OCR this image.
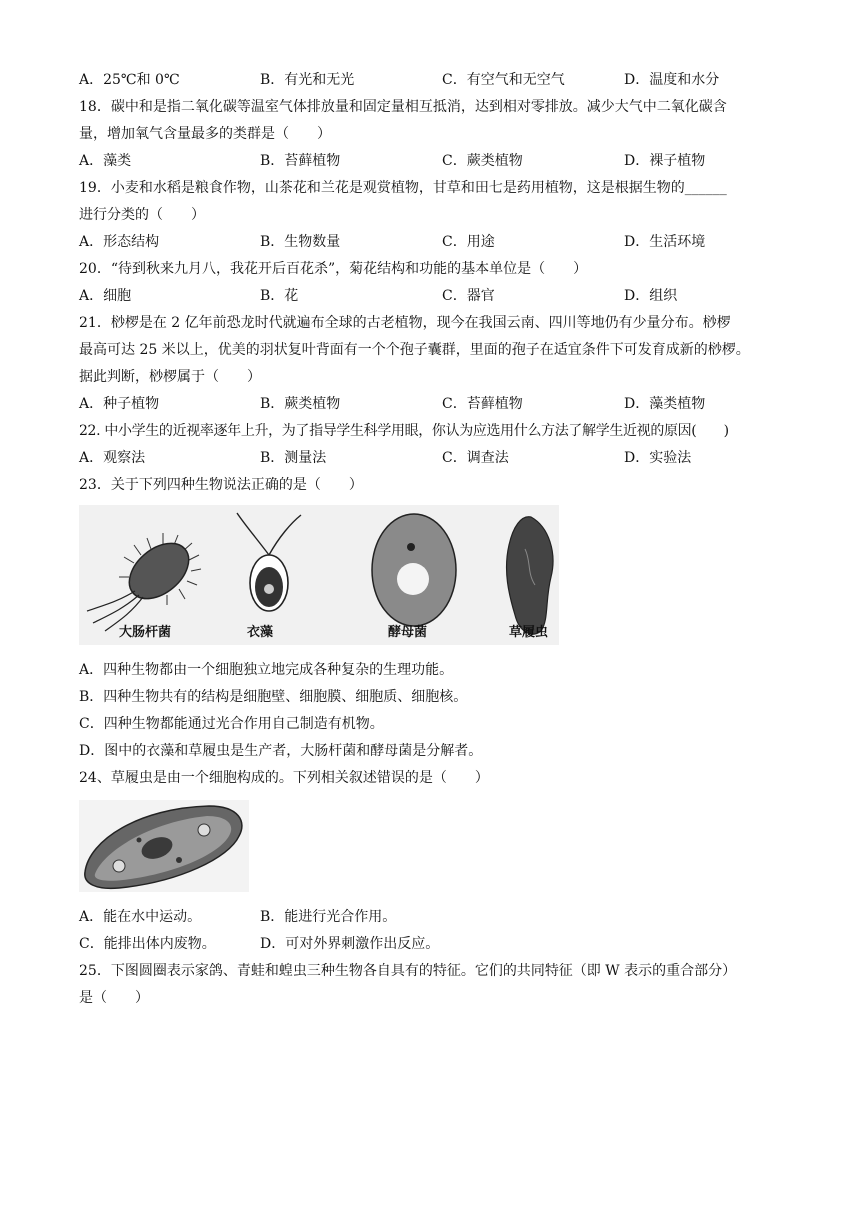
A．25℃和 0℃	B．有光和无光	C．有空气和无空气	D．温度和水分
18．碳中和是指二氧化碳等温室气体排放量和固定量相互抵消，达到相对零排放。减少大气中二氧化碳含
量，增加氧气含量最多的类群是（　　）
A．藻类	B．苔藓植物	C．蕨类植物	D．裸子植物
19．小麦和水稻是粮食作物，山茶花和兰花是观赏植物，甘草和田七是药用植物，这是根据生物的______
进行分类的（　　）
A．形态结构	B．生物数量	C．用途	D．生活环境
20．“待到秋来九月八，我花开后百花杀”，菊花结构和功能的基本单位是（　　）
A．细胞	B．花	C．器官	D．组织
21．桫椤是在 2 亿年前恐龙时代就遍布全球的古老植物，现今在我国云南、四川等地仍有少量分布。桫椤
最高可达 25 米以上，优美的羽状复叶背面有一个个孢子囊群，里面的孢子在适宜条件下可发育成新的桫椤。
据此判断，桫椤属于（　　）
A．种子植物	B．蕨类植物	C．苔藓植物	D．藻类植物
22. 中小学生的近视率逐年上升，为了指导学生科学用眼，你认为应选用什么方法了解学生近视的原因(　　)
A．观察法	B．测量法	C．调查法	D．实验法
23．关于下列四种生物说法正确的是（　　）
大肠杆菌	衣藻	酵母菌	草履虫
A．四种生物都由一个细胞独立地完成各种复杂的生理功能。
B．四种生物共有的结构是细胞壁、细胞膜、细胞质、细胞核。
C．四种生物都能通过光合作用自己制造有机物。
D．图中的衣藻和草履虫是生产者，大肠杆菌和酵母菌是分解者。
24、草履虫是由一个细胞构成的。下列相关叙述错误的是（　　）
A．能在水中运动。	B．能进行光合作用。
C．能排出体内废物。	D．可对外界刺激作出反应。
25．下图圆圈表示家鸽、青蛙和蝗虫三种生物各自具有的特征。它们的共同特征（即 W 表示的重合部分）
是（　　）
